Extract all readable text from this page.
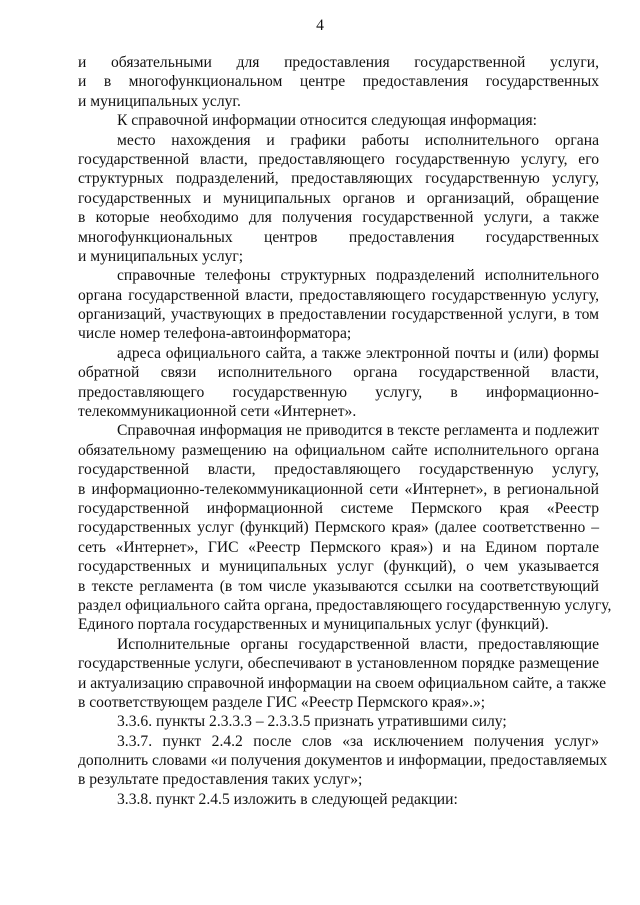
4
и обязательными для предоставления государственной услуги,
и в многофункциональном центре предоставления государственных
и муниципальных услуг.
К справочной информации относится следующая информация:
место нахождения и графики работы исполнительного органа
государственной власти, предоставляющего государственную услугу, его
структурных подразделений, предоставляющих государственную услугу,
государственных и муниципальных органов и организаций, обращение
в которые необходимо для получения государственной услуги, а также
многофункциональных центров предоставления государственных
и муниципальных услуг;
справочные телефоны структурных подразделений исполнительного
органа государственной власти, предоставляющего государственную услугу,
организаций, участвующих в предоставлении государственной услуги, в том
числе номер телефона-автоинформатора;
адреса официального сайта, а также электронной почты и (или) формы
обратной связи исполнительного органа государственной власти,
предоставляющего государственную услугу, в информационно-
телекоммуникационной сети «Интернет».
Справочная информация не приводится в тексте регламента и подлежит
обязательному размещению на официальном сайте исполнительного органа
государственной власти, предоставляющего государственную услугу,
в информационно-телекоммуникационной сети «Интернет», в региональной
государственной информационной системе Пермского края «Реестр
государственных услуг (функций) Пермского края» (далее соответственно –
сеть «Интернет», ГИС «Реестр Пермского края») и на Едином портале
государственных и муниципальных услуг (функций), о чем указывается
в тексте регламента (в том числе указываются ссылки на соответствующий
раздел официального сайта органа, предоставляющего государственную услугу,
Единого портала государственных и муниципальных услуг (функций).
Исполнительные органы государственной власти, предоставляющие
государственные услуги, обеспечивают в установленном порядке размещение
и актуализацию справочной информации на своем официальном сайте, а также
в соответствующем разделе ГИС «Реестр Пермского края».»;
3.3.6. пункты 2.3.3.3 – 2.3.3.5 признать утратившими силу;
3.3.7. пункт 2.4.2 после слов «за исключением получения услуг»
дополнить словами «и получения документов и информации, предоставляемых
в результате предоставления таких услуг»;
3.3.8. пункт 2.4.5 изложить в следующей редакции:
